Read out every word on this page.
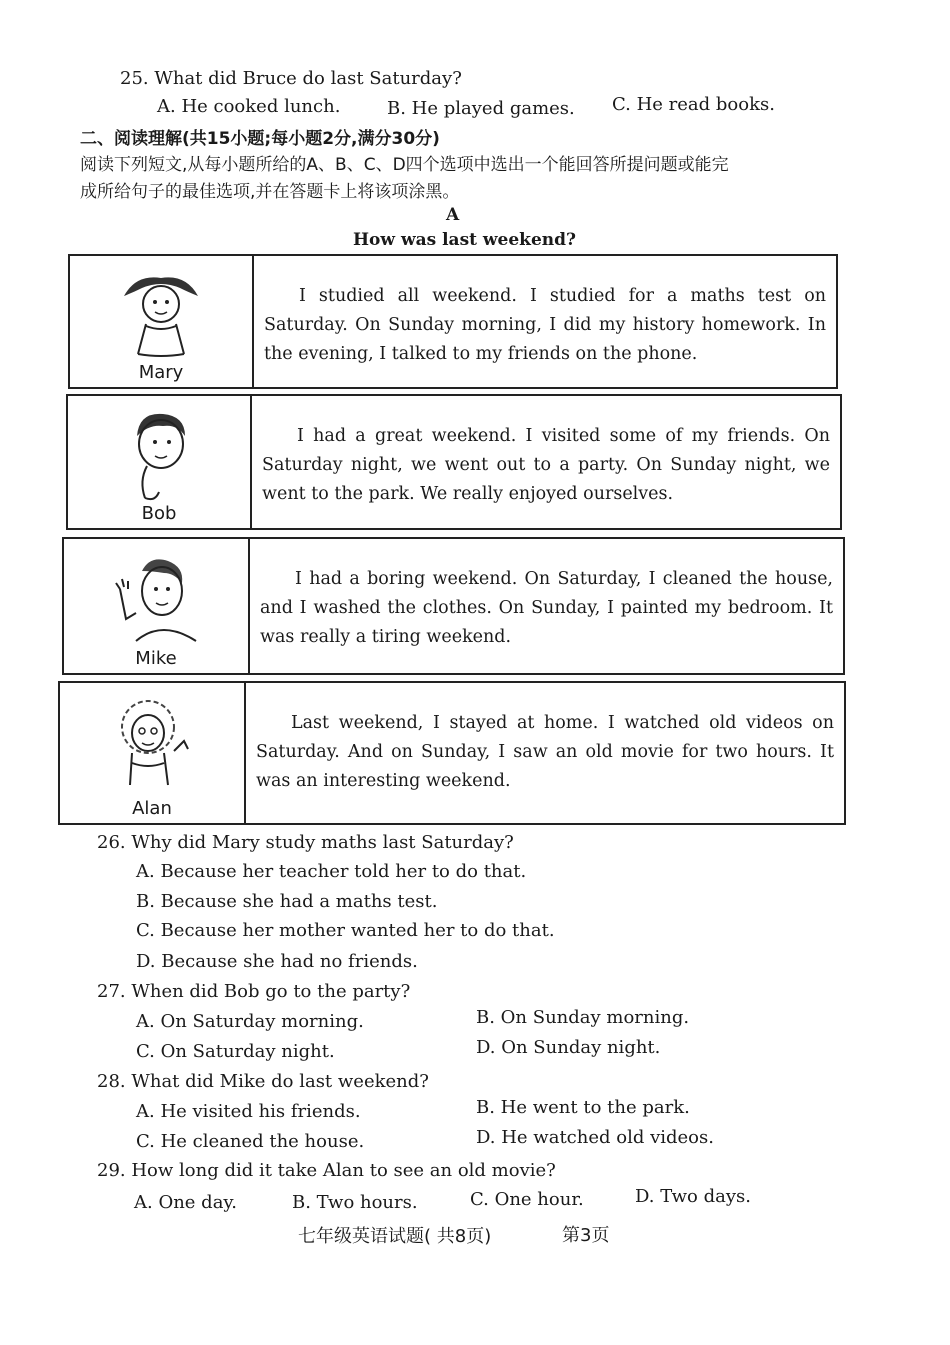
25. What did Bruce do last Saturday?
A. He cooked lunch.	B. He played games. C. He read books.
二、阅读理解(共15小题;每小题2分,满分30分)
阅读下列短文,从每小题所给的A、B、C、D四个选项中选出一个能回答所提问题或能完
成所给句子的最佳选项,并在答题卡上将该项涂黑。
A
How was last weekend?
Mary
I studied all weekend. I studied for a maths test on Saturday. On Sunday morning, I did my history homework. In the evening, I talked to my friends on the phone.
Bob
I had a great weekend. I visited some of my friends. On Saturday night, we went out to a party. On Sunday night, we went to the park. We really enjoyed ourselves.
Mike
I had a boring weekend. On Saturday, I cleaned the house, and I washed the clothes. On Sunday, I painted my bedroom. It was really a tiring weekend.
Alan
Last weekend, I stayed at home. I watched old videos on Saturday. And on Sunday, I saw an old movie for two hours. It was an interesting weekend.
26. Why did Mary study maths last Saturday?
A. Because her teacher told her to do that.
B. Because she had a maths test.
C. Because her mother wanted her to do that.
D. Because she had no friends.
27. When did Bob go to the party?
A. On Saturday morning.	B. On Sunday morning.
C. On Saturday night.	D. On Sunday night.
28. What did Mike do last weekend?
A. He visited his friends.	B. He went to the park.
C. He cleaned the house.	D. He watched old videos.
29. How long did it take Alan to see an old movie?
A. One day.	B. Two hours.	C. One hour.	D. Two days.
七年级英语试题( 共8页)	第3页
